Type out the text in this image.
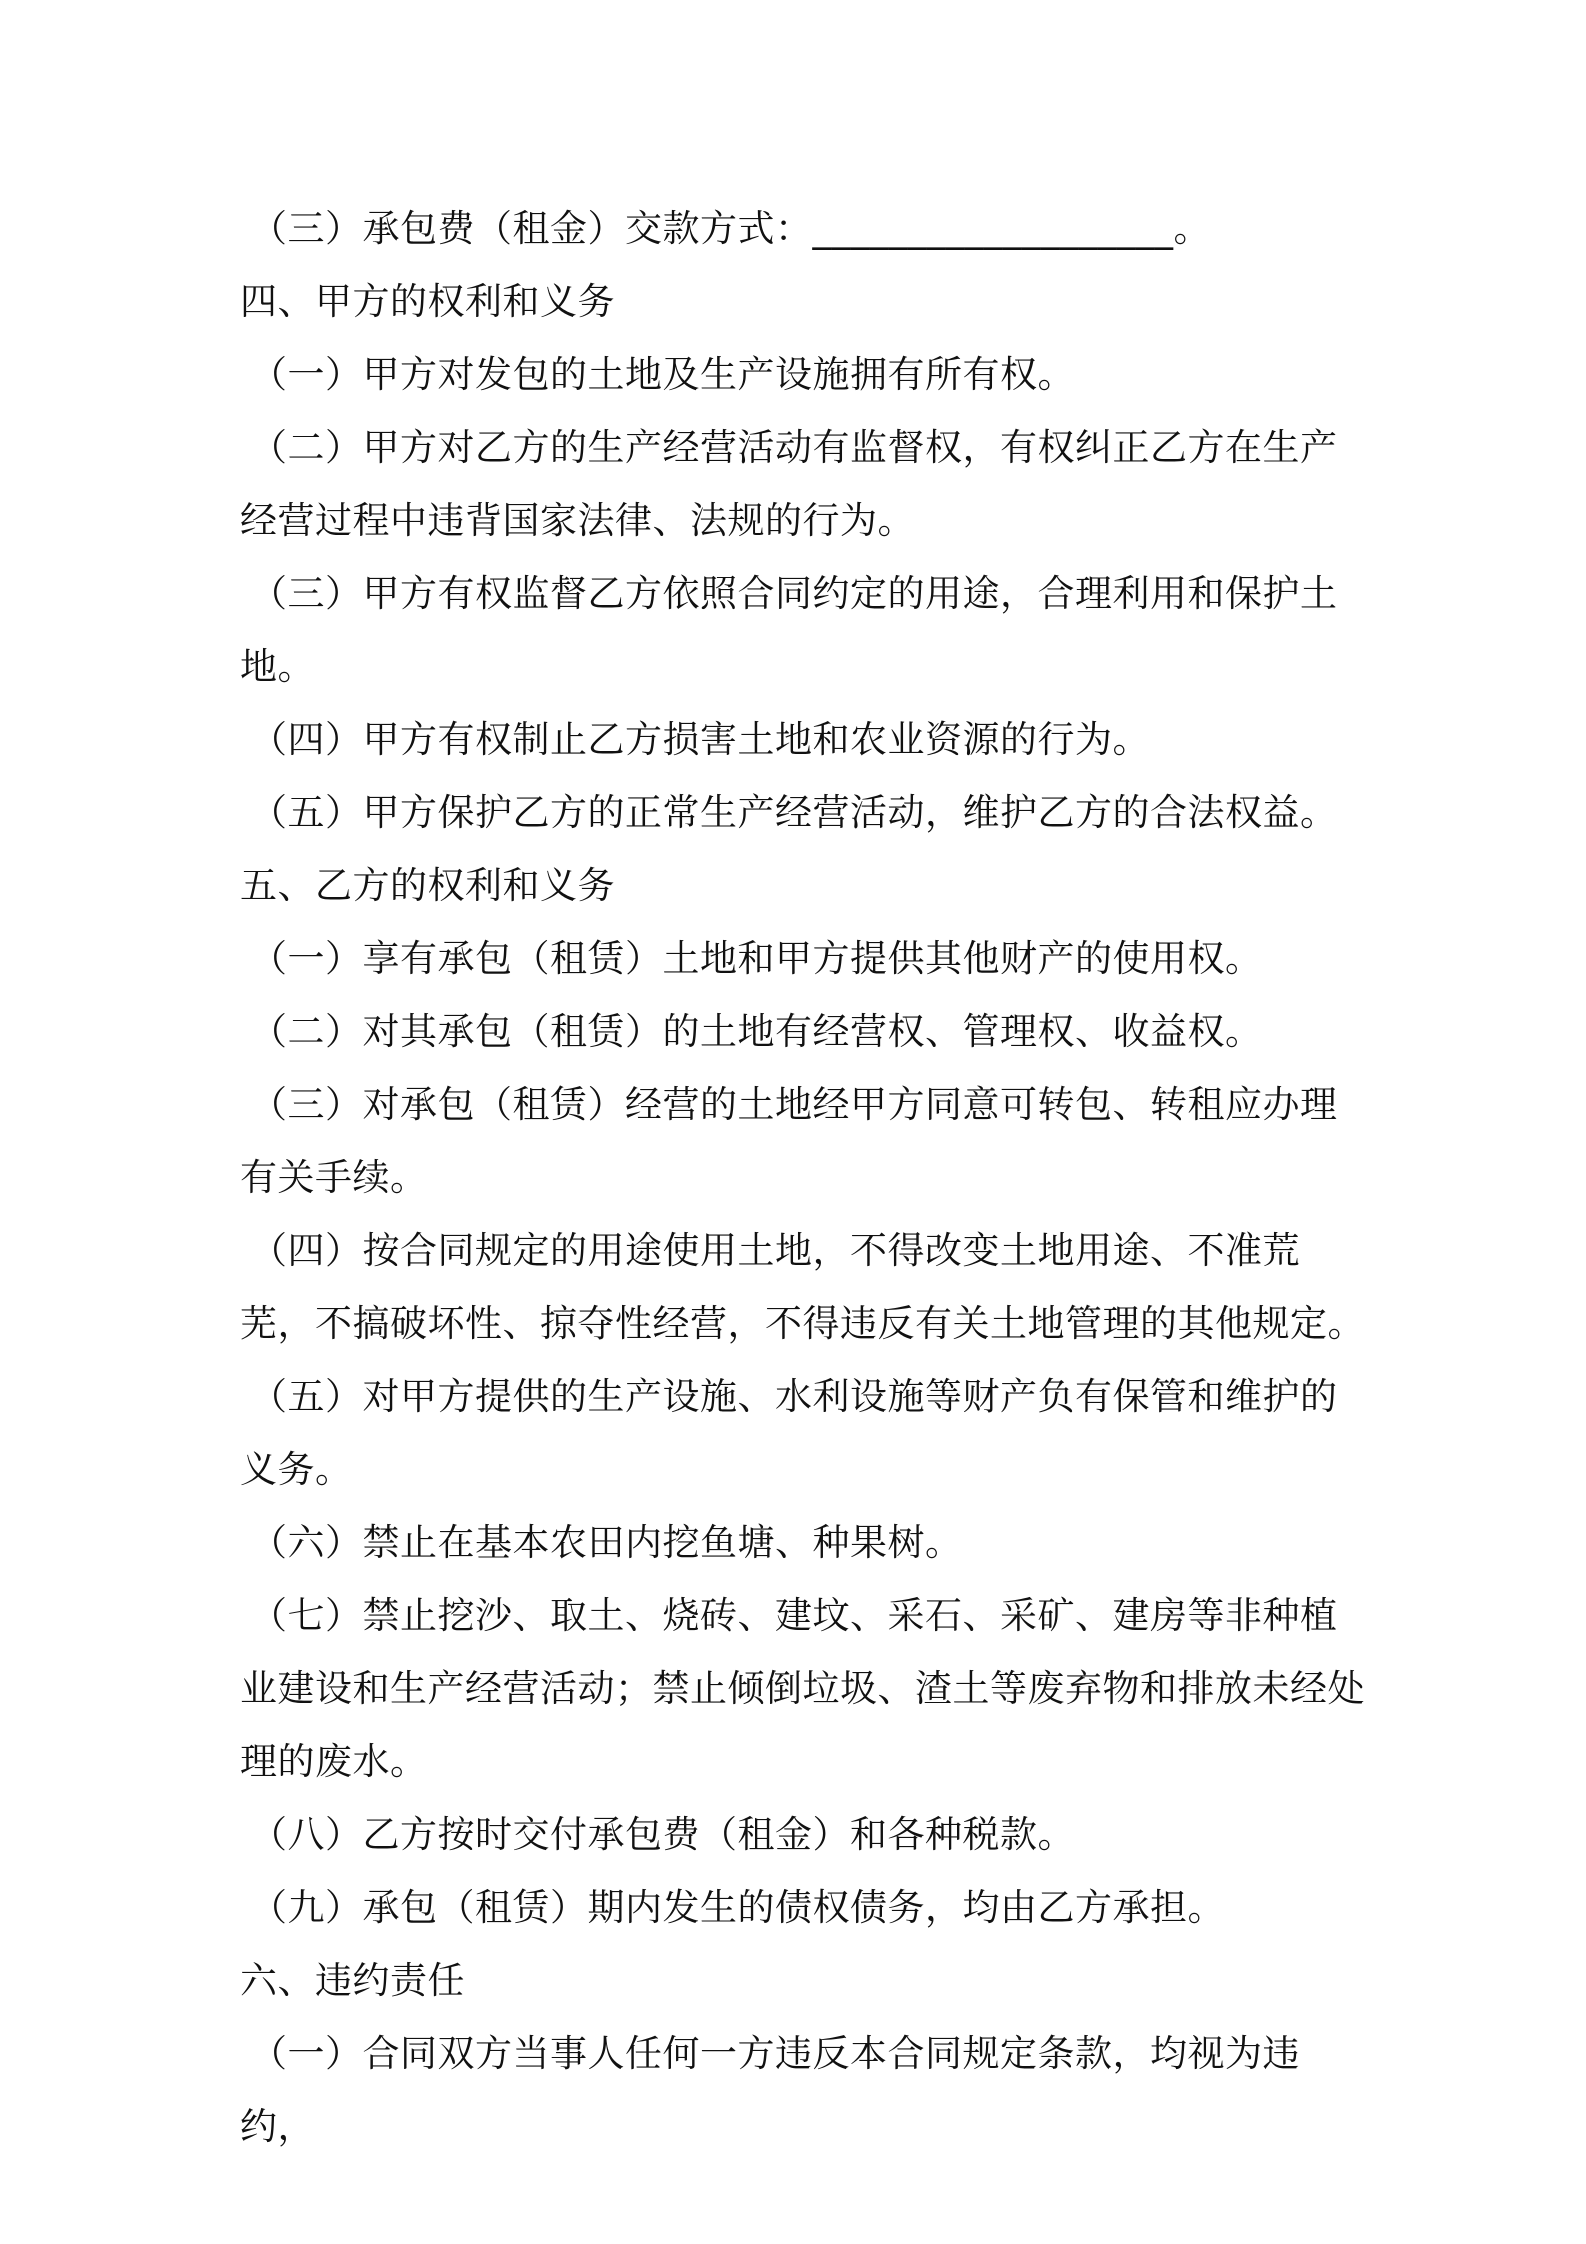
（三）承包费（租金）交款方式：___________________。

四、甲方的权利和义务

（一）甲方对发包的土地及生产设施拥有所有权。

（二）甲方对乙方的生产经营活动有监督权，有权纠正乙方在生产经营过程中违背国家法律、法规的行为。

（三）甲方有权监督乙方依照合同约定的用途，合理利用和保护土地。

（四）甲方有权制止乙方损害土地和农业资源的行为。

（五）甲方保护乙方的正常生产经营活动，维护乙方的合法权益。

五、乙方的权利和义务

（一）享有承包（租赁）土地和甲方提供其他财产的使用权。

（二）对其承包（租赁）的土地有经营权、管理权、收益权。

（三）对承包（租赁）经营的土地经甲方同意可转包、转租应办理有关手续。

（四）按合同规定的用途使用土地，不得改变土地用途、不准荒芜，不搞破坏性、掠夺性经营，不得违反有关土地管理的其他规定。

（五）对甲方提供的生产设施、水利设施等财产负有保管和维护的义务。

（六）禁止在基本农田内挖鱼塘、种果树。

（七）禁止挖沙、取土、烧砖、建坟、采石、采矿、建房等非种植业建设和生产经营活动；禁止倾倒垃圾、渣土等废弃物和排放未经处理的废水。

（八）乙方按时交付承包费（租金）和各种税款。

（九）承包（租赁）期内发生的债权债务，均由乙方承担。

六、违约责任

（一）合同双方当事人任何一方违反本合同规定条款，均视为违约，
